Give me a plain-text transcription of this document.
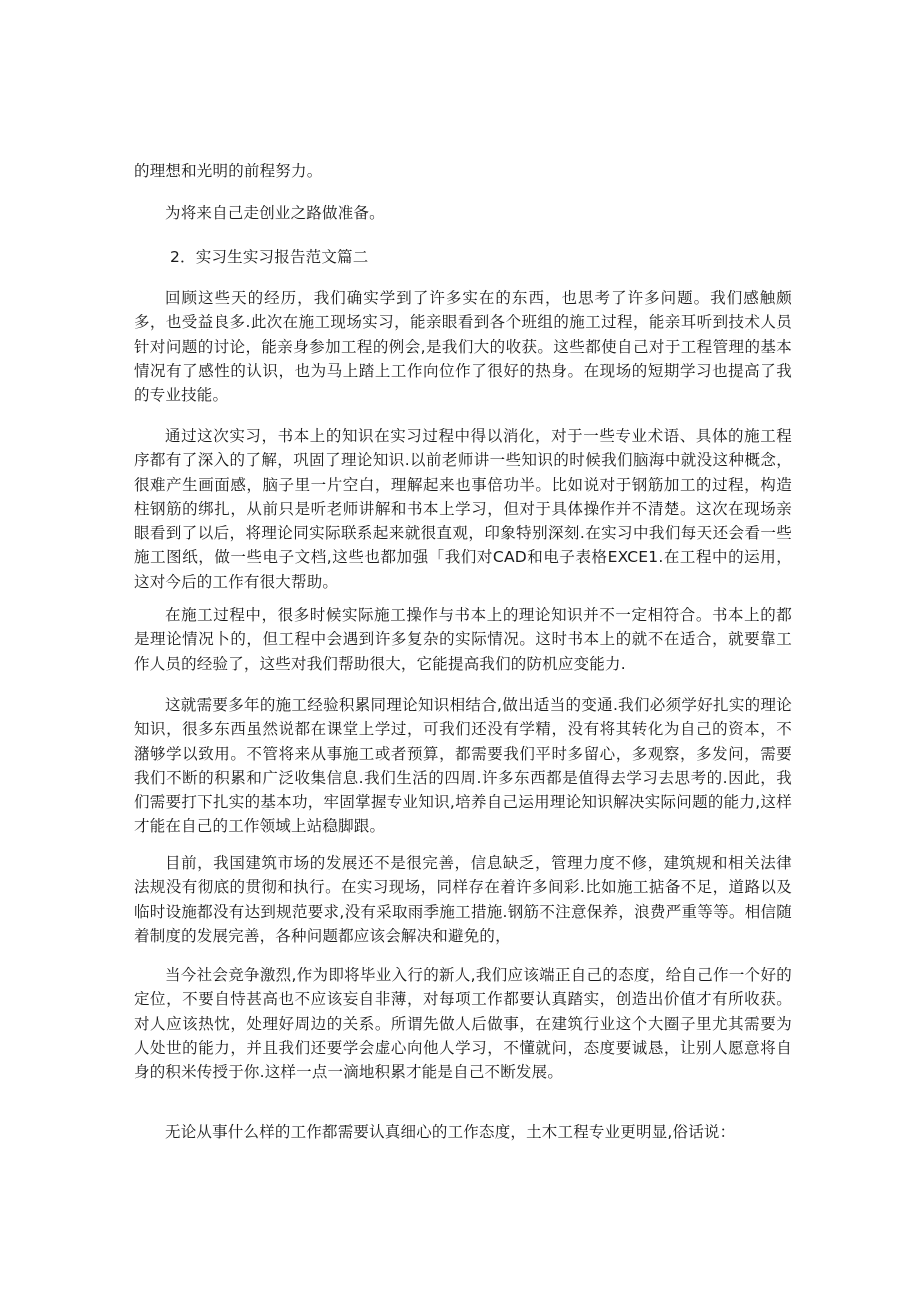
的理想和光明的前程努力。

为将来自己走创业之路做准备。

2．实习生实习报告范文篇二

回顾这些天的经历，我们确实学到了许多实在的东西，也思考了许多问题。我们感触颇多，也受益良多.此次在施工现场实习，能亲眼看到各个班组的施工过程，能亲耳听到技术人员针对问题的讨论，能亲身参加工程的例会,是我们大的收获。这些都使自己对于工程管理的基本情况有了感性的认识，也为马上踏上工作向位作了很好的热身。在现场的短期学习也提高了我的专业技能。

通过这次实习，书本上的知识在实习过程中得以消化，对于一些专业术语、具体的施工程序都有了深入的了解，巩固了理论知识.以前老师讲一些知识的时候我们脑海中就没这种概念，很难产生画面感，脑子里一片空白，理解起来也事倍功半。比如说对于钢筋加工的过程，构造柱钢筋的绑扎，从前只是听老师讲解和书本上学习，但对于具体操作并不清楚。这次在现场亲眼看到了以后，将理论同实际联系起来就很直观，印象特别深刻.在实习中我们每天还会看一些施工图纸，做一些电子文档,这些也都加强「我们对CAD和电子表格EXCE1.在工程中的运用，这对今后的工作有很大帮助。

在施工过程中，很多时候实际施工操作与书本上的理论知识并不一定相符合。书本上的都是理论情况卜的，但工程中会遇到许多复杂的实际情况。这时书本上的就不在适合，就要靠工作人员的经验了，这些对我们帮助很大，它能提高我们的防机应变能力.

这就需要多年的施工经验积累同理论知识相结合,做出适当的变通.我们必须学好扎实的理论知识，很多东西虽然说都在课堂上学过，可我们还没有学精，没有将其转化为自己的资本，不潴够学以致用。不管将来从事施工或者预算，都需要我们平时多留心，多观察，多发问，需要我们不断的积累和广泛收集信息.我们生活的四周.许多东西都是值得去学习去思考的.因此，我们需要打下扎实的基本功，牢固掌握专业知识,培养自己运用理论知识解决实际问题的能力,这样才能在自己的工作领域上站稳脚跟。

目前，我国建筑市场的发展还不是很完善，信息缺乏，管理力度不修，建筑规和相关法律法规没有彻底的贯彻和执行。在实习现场，同样存在着许多间彩.比如施工掂备不足，道路以及临时设施都没有达到规范要求,没有采取雨季施工措施.钢筋不注意保养，浪费严重等等。相信随着制度的发展完善，各种问题都应该会解决和避免的，

当今社会竞争激烈,作为即将毕业入行的新人,我们应该端正自己的态度，给自己作一个好的定位，不要自恃甚高也不应该妄自非薄，对每项工作都要认真踏实，创造出价值才有所收获。对人应该热忱，处理好周边的关系。所谓先做人后做事，在建筑行业这个大圈子里尤其需要为人处世的能力，并且我们还要学会虚心向他人学习，不懂就问，态度要诚恳，让别人愿意将自身的积米传授于你.这样一点一滴地积累才能是自己不断发展。

无论从事什么样的工作都需要认真细心的工作态度，土木工程专业更明显,俗话说：
